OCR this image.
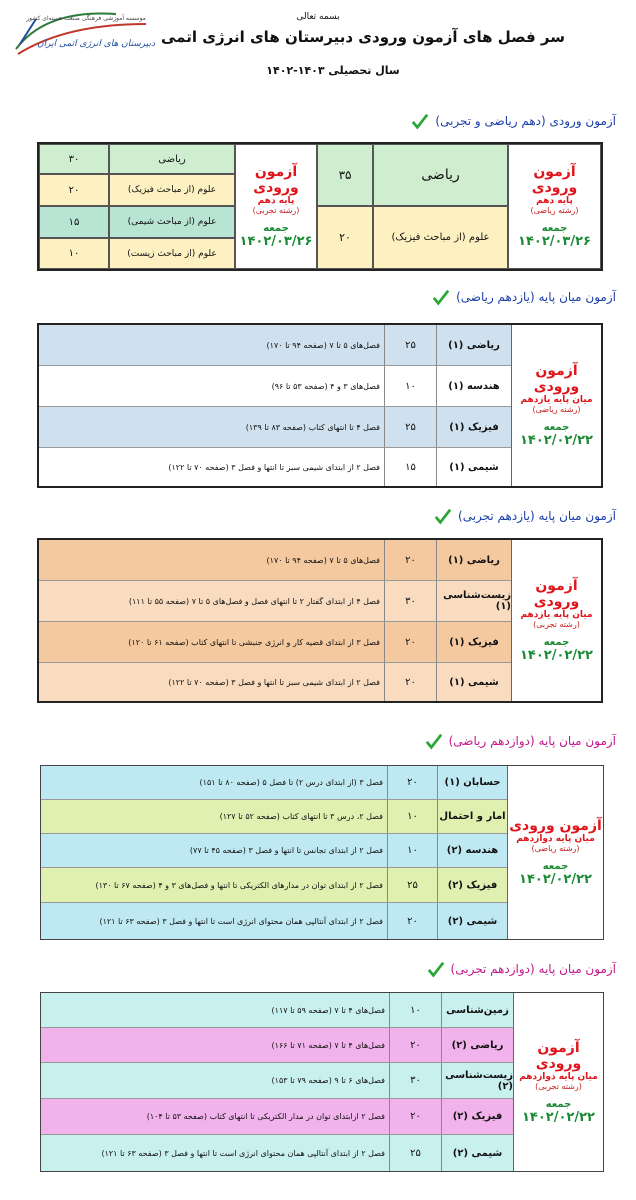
موسسه آموزشی فرهنگی صنعت هسته‌ای کشور
دبیرستان های انرژی اتمی ایران
بسمه تعالی
سر فصل های آزمون ورودی دبیرستان های انرژی اتمی
سال تحصیلی ۱۴۰۳-۱۴۰۲
آزمون ورودی (دهم ریاضی و تجربی)
آزمون ورودی
پایه دهم
(رشته ریاضی)
جمعه
۱۴۰۲/۰۳/۲۶
ریاضی
۳۵
علوم (از مباحث فیزیک)
۲۰
آزمون ورودی
پایه دهم
(رشته تجربی)
جمعه
۱۴۰۲/۰۳/۲۶
ریاضی
۳۰
علوم (از مباحث فیزیک)
۲۰
علوم (از مباحث شیمی)
۱۵
علوم (از مباحث زیست)
۱۰
آزمون میان پایه (یازدهم ریاضی)
آزمون ورودی
میان پایه یازدهم
(رشته ریاضی)
جمعه
۱۴۰۲/۰۲/۲۲
ریاضی (۱)
۲۵
فصل‌های ۵ تا ۷ (صفحه ۹۴ تا ۱۷۰)
هندسه (۱)
۱۰
فصل‌های ۳ و ۴ (صفحه ۵۳ تا ۹۶)
فیزیک (۱)
۲۵
فصل ۴ تا انتهای کتاب (صفحه ۸۳ تا ۱۳۹)
شیمی (۱)
۱۵
فصل ۲ از ابتدای شیمی سبز تا انتها و فصل ۳ (صفحه ۷۰ تا ۱۲۲)
آزمون میان پایه (یازدهم تجربی)
آزمون ورودی
میان پایه یازدهم
(رشته تجربی)
جمعه
۱۴۰۲/۰۲/۲۲
ریاضی (۱)
۲۰
فصل‌های ۵ تا ۷ (صفحه ۹۴ تا ۱۷۰)
زیست‌شناسی (۱)
۳۰
فصل ۴ از ابتدای گفتار ۲ تا انتهای فصل و فصل‌های ۵ تا ۷ (صفحه ۵۵ تا ۱۱۱)
فیزیک (۱)
۲۰
فصل ۳ از ابتدای قضیه کار و انرژی جنبشی تا انتهای کتاب (صفحه ۶۱ تا ۱۲۰)
شیمی (۱)
۲۰
فصل ۲ از ابتدای شیمی سبز تا انتها و فصل ۳ (صفحه ۷۰ تا ۱۲۲)
آزمون میان پایه (دوازدهم ریاضی)
آزمون ورودی
میان پایه دوازدهم
(رشته ریاضی)
جمعه
۱۴۰۲/۰۲/۲۲
حسابان (۱)
۲۰
فصل ۳ (از ابتدای درس ۲) تا فصل ۵ (صفحه ۸۰ تا ۱۵۱)
امار و احتمال
۱۰
فصل ۲، درس ۳ تا انتهای کتاب (صفحه ۵۲ تا ۱۲۷)
هندسه (۲)
۱۰
فصل ۲ از ابتدای تجانس تا انتها و فصل ۳ (صفحه ۴۵ تا ۷۷)
فیزیک (۲)
۲۵
فصل ۲ از ابتدای توان در مدارهای الکتریکی تا انتها و فصل‌های ۳ و ۴ (صفحه ۶۷ تا ۱۳۰)
شیمی (۲)
۲۰
فصل ۲ از ابتدای آنتالپی همان محتوای انرژی است تا انتها و فصل ۳ (صفحه ۶۳ تا ۱۲۱)
آزمون میان پایه (دوازدهم تجربی)
آزمون ورودی
میان پایه دوازدهم
(رشته تجربی)
جمعه
۱۴۰۲/۰۲/۲۲
زمین‌شناسی
۱۰
فصل‌های ۴ تا ۷ (صفحه ۵۹ تا ۱۱۷)
ریاضی (۲)
۲۰
فصل‌های ۴ تا ۷ (صفحه ۷۱ تا ۱۶۶)
زیست‌شناسی (۲)
۳۰
فصل‌های ۶ تا ۹ (صفحه ۷۹ تا ۱۵۳)
فیزیک (۲)
۲۰
فصل ۲ ازابتدای توان در مدار الکتریکی تا انتهای کتاب (صفحه ۵۳ تا ۱۰۴)
شیمی (۲)
۲۵
فصل ۲ از ابتدای آنتالپی همان محتوای انرژی است تا انتها و فصل ۳ (صفحه ۶۳ تا ۱۲۱)
